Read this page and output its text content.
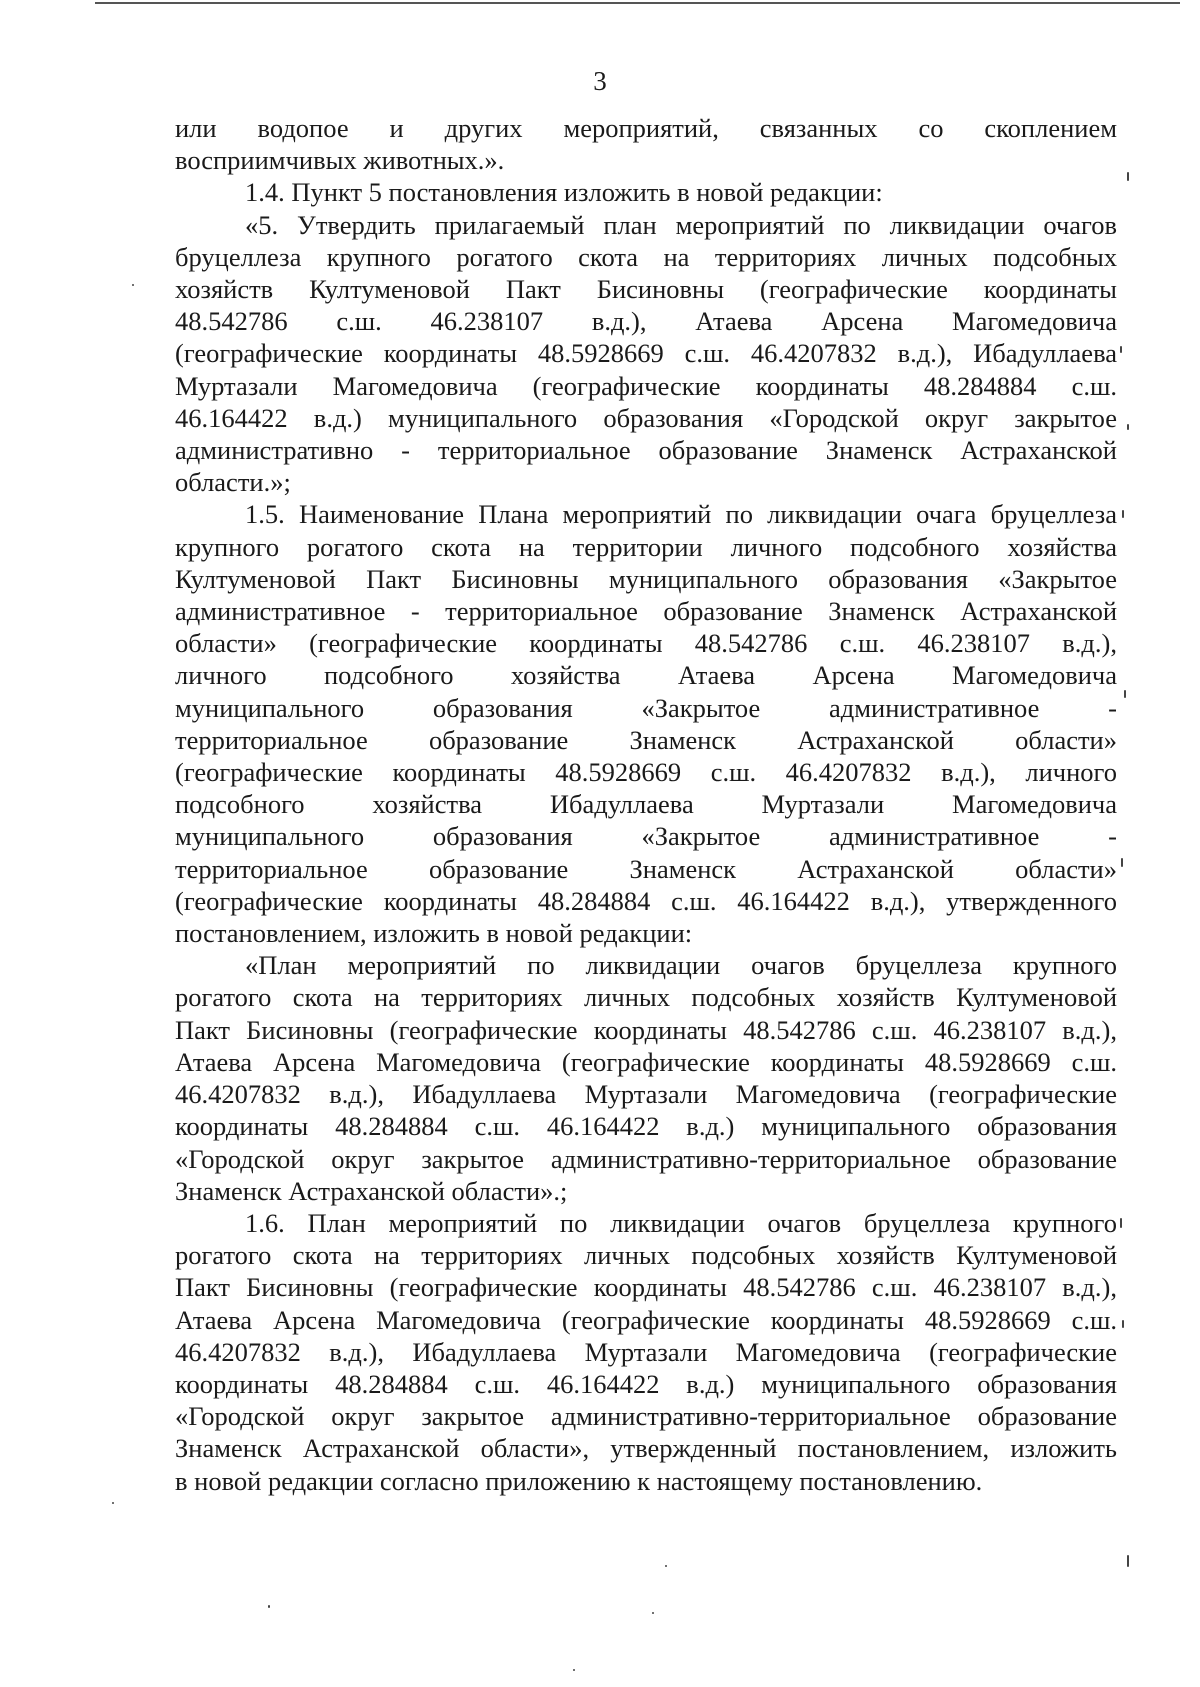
3
или водопое и других мероприятий, связанных со скоплением
восприимчивых животных.».
1.4. Пункт 5 постановления изложить в новой редакции:
«5. Утвердить прилагаемый план мероприятий по ликвидации очагов
бруцеллеза крупного рогатого скота на территориях личных подсобных
хозяйств Култуменовой Пакт Бисиновны (географические координаты
48.542786 с.ш. 46.238107 в.д.), Атаева Арсена Магомедовича
(географические координаты 48.5928669 с.ш. 46.4207832 в.д.), Ибадуллаева
Муртазали Магомедовича (географические координаты 48.284884 с.ш.
46.164422 в.д.) муниципального образования «Городской округ закрытое
административно - территориальное образование Знаменск Астраханской
области.»;
1.5. Наименование Плана мероприятий по ликвидации очага бруцеллеза
крупного рогатого скота на территории личного подсобного хозяйства
Култуменовой Пакт Бисиновны муниципального образования «Закрытое
административное - территориальное образование Знаменск Астраханской
области» (географические координаты 48.542786 с.ш. 46.238107 в.д.),
личного подсобного хозяйства Атаева Арсена Магомедовича
муниципального образования «Закрытое административное -
территориальное образование Знаменск Астраханской области»
(географические координаты 48.5928669 с.ш. 46.4207832 в.д.), личного
подсобного хозяйства Ибадуллаева Муртазали Магомедовича
муниципального образования «Закрытое административное -
территориальное образование Знаменск Астраханской области»
(географические координаты 48.284884 с.ш. 46.164422 в.д.), утвержденного
постановлением, изложить в новой редакции:
«План мероприятий по ликвидации очагов бруцеллеза крупного
рогатого скота на территориях личных подсобных хозяйств Култуменовой
Пакт Бисиновны (географические координаты 48.542786 с.ш. 46.238107 в.д.),
Атаева Арсена Магомедовича (географические координаты 48.5928669 с.ш.
46.4207832 в.д.), Ибадуллаева Муртазали Магомедовича (географические
координаты 48.284884 с.ш. 46.164422 в.д.) муниципального образования
«Городской округ закрытое административно-территориальное образование
Знаменск Астраханской области».;
1.6. План мероприятий по ликвидации очагов бруцеллеза крупного
рогатого скота на территориях личных подсобных хозяйств Култуменовой
Пакт Бисиновны (географические координаты 48.542786 с.ш. 46.238107 в.д.),
Атаева Арсена Магомедовича (географические координаты 48.5928669 с.ш.
46.4207832 в.д.), Ибадуллаева Муртазали Магомедовича (географические
координаты 48.284884 с.ш. 46.164422 в.д.) муниципального образования
«Городской округ закрытое административно-территориальное образование
Знаменск Астраханской области», утвержденный постановлением, изложить
в новой редакции согласно приложению к настоящему постановлению.
